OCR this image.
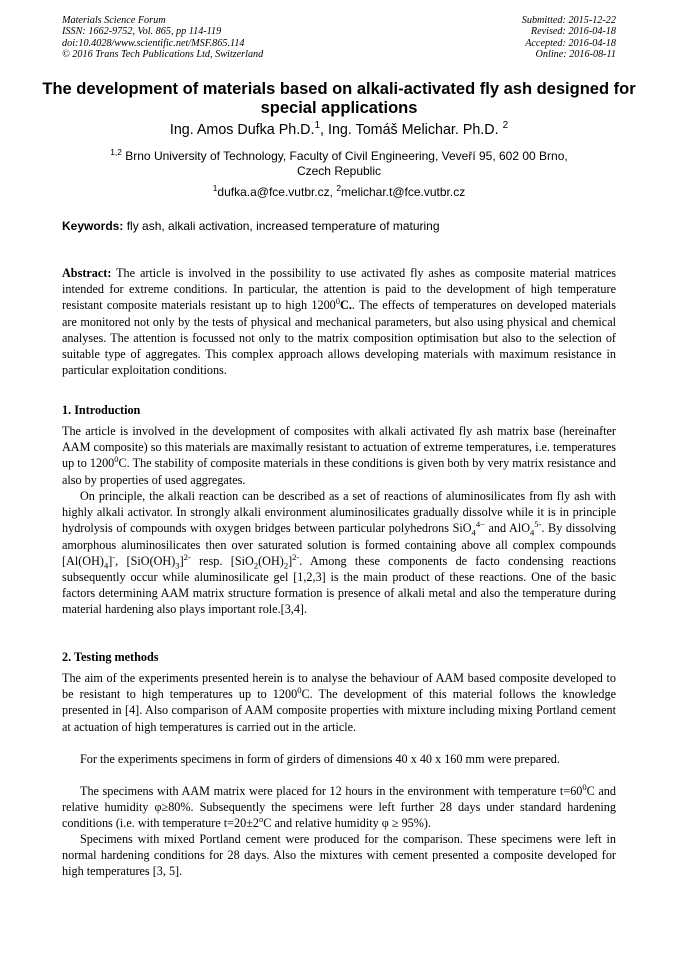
Materials Science Forum
ISSN: 1662-9752, Vol. 865, pp 114-119
doi:10.4028/www.scientific.net/MSF.865.114
© 2016 Trans Tech Publications Ltd, Switzerland
Submitted: 2015-12-22
Revised: 2016-04-18
Accepted: 2016-04-18
Online: 2016-08-11
The development of materials based on alkali-activated fly ash designed for special applications
Ing. Amos Dufka Ph.D.$^1$, Ing. Tomáš Melichar. Ph.D. $^2$
$^{1,2}$ Brno University of Technology, Faculty of Civil Engineering, Veveří 95, 602 00 Brno,
Czech Republic
$^1$dufka.a@fce.vutbr.cz, $^2$melichar.t@fce.vutbr.cz
Keywords: fly ash, alkali activation, increased temperature of maturing

Abstract: The article is involved in the possibility to use activated fly ashes as composite material matrices intended for extreme conditions. In particular, the attention is paid to the development of high temperature resistant composite materials resistant up to high 1200$^0$C.. The effects of temperatures on developed materials are monitored not only by the tests of physical and mechanical parameters, but also using physical and chemical analyses. The attention is focussed not only to the matrix composition optimisation but also to the selection of suitable type of aggregates. This complex approach allows developing materials with maximum resistance in particular exploitation conditions.

1. Introduction

The article is involved in the development of composites with alkali activated fly ash matrix base (hereinafter AAM composite) so this materials are maximally resistant to actuation of extreme temperatures, i.e. temperatures up to 1200$^0$C. The stability of composite materials in these conditions is given both by very matrix resistance and also by properties of used aggregates.

On principle, the alkali reaction can be described as a set of reactions of aluminosilicates from fly ash with highly alkali activator. In strongly alkali environment aluminosilicates gradually dissolve while it is in principle hydrolysis of compounds with oxygen bridges between particular polyhedrons SiO$_4^{4-}$ and AlO$_4^{5-}$. By dissolving amorphous aluminosilicates then over saturated solution is formed containing above all complex compounds $[Al(OH)_4]^-$, $[SiO(OH)_3]^{2-}$ resp. $[SiO_2(OH)_2]^{2-}$. Among these components de facto condensing reactions subsequently occur while aluminosilicate gel [1,2,3] is the main product of these reactions. One of the basic factors determining AAM matrix structure formation is presence of alkali metal and also the temperature during material hardening also plays important role.[3,4].

2. Testing methods

The aim of the experiments presented herein is to analyse the behaviour of AAM based composite developed to be resistant to high temperatures up to 1200$^0$C. The development of this material follows the knowledge presented in [4]. Also comparison of AAM composite properties with mixture including mixing Portland cement at actuation of high temperatures is carried out in the article.

For the experiments specimens in form of girders of dimensions 40 x 40 x 160 mm were prepared.

The specimens with AAM matrix were placed for 12 hours in the environment with temperature $t=60^0C$ and relative humidity φ≥80%. Subsequently the specimens were left further 28 days under standard hardening conditions (i.e. with temperature $t=20\pm 2^oC$ and relative humidity φ ≥ 95%).

Specimens with mixed Portland cement were produced for the comparison. These specimens were left in normal hardening conditions for 28 days. Also the mixtures with cement presented a composite developed for high temperatures [3, 5].
